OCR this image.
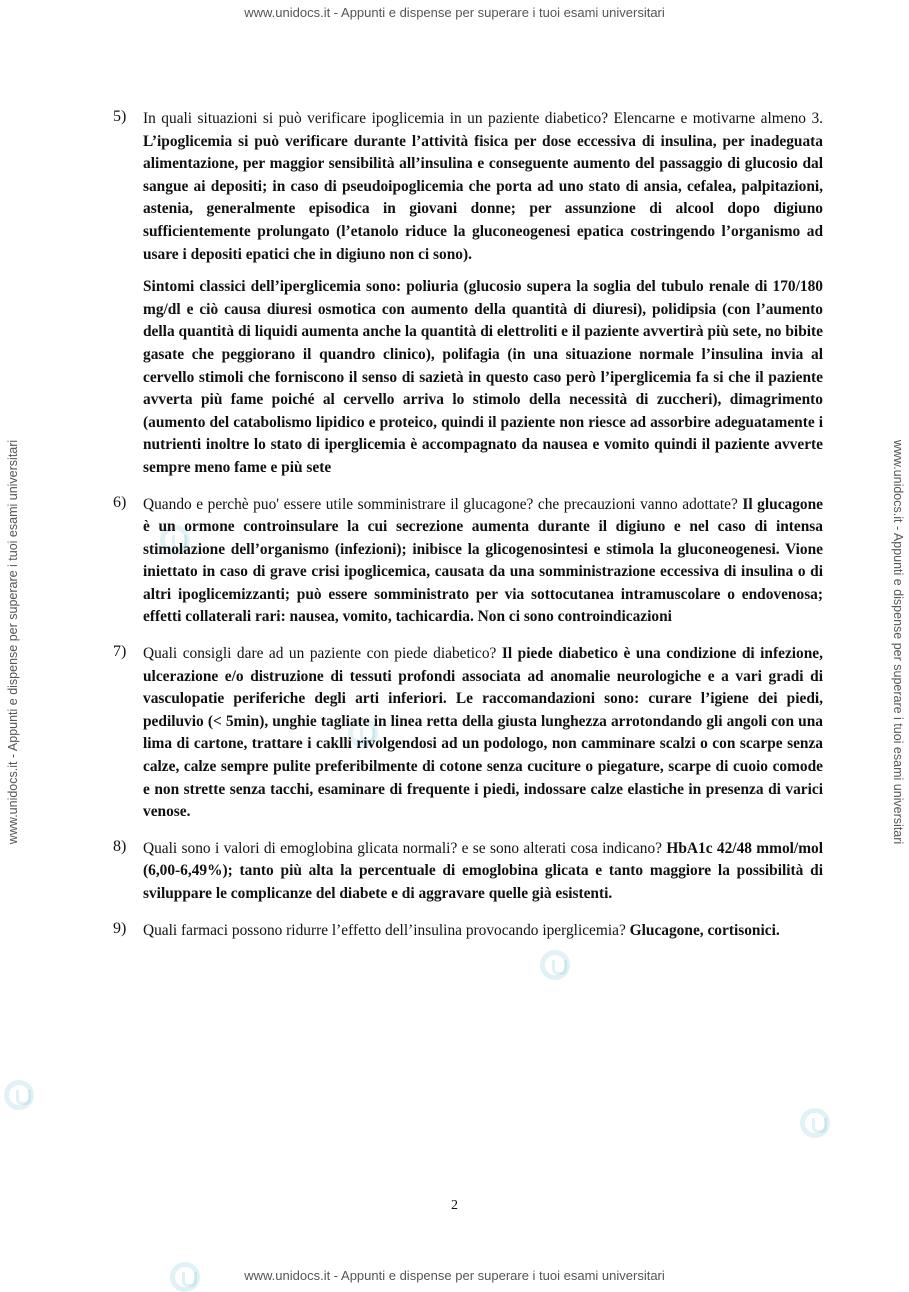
www.unidocs.it - Appunti e dispense per superare i tuoi esami universitari
www.unidocs.it - Appunti e dispense per superare i tuoi esami universitari
www.unidocs.it - Appunti e dispense per superare i tuoi esami universitari	www.unidocs.it - Appunti e dispense per superare i tuoi esami universitari
5) In quali situazioni si può verificare ipoglicemia in un paziente diabetico? Elencarne e motivarne almeno 3. L’ipoglicemia si può verificare durante l’attività fisica per dose eccessiva di insulina, per inadeguata alimentazione, per maggior sensibilità all’insulina e conseguente aumento del passaggio di glucosio dal sangue ai depositi; in caso di pseudoipoglicemia che porta ad uno stato di ansia, cefalea, palpitazioni, astenia, generalmente episodica in giovani donne; per assunzione di alcool dopo digiuno sufficientemente prolungato (l’etanolo riduce la gluconeogenesi epatica costringendo l’organismo ad usare i depositi epatici che in digiuno non ci sono).

Sintomi classici dell’iperglicemia sono: poliuria (glucosio supera la soglia del tubulo renale di 170/180 mg/dl e ciò causa diuresi osmotica con aumento della quantità di diuresi), polidipsia (con l’aumento della quantità di liquidi aumenta anche la quantità di elettroliti e il paziente avvertirà più sete, no bibite gasate che peggiorano il quandro clinico), polifagia (in una situazione normale l’insulina invia al cervello stimoli che forniscono il senso di sazietà in questo caso però l’iperglicemia fa si che il paziente avverta più fame poiché al cervello arriva lo stimolo della necessità di zuccheri), dimagrimento (aumento del catabolismo lipidico e proteico, quindi il paziente non riesce ad assorbire adeguatamente i nutrienti inoltre lo stato di iperglicemia è accompagnato da nausea e vomito quindi il paziente avverte sempre meno fame e più sete

6) Quando e perchè puo' essere utile somministrare il glucagone? che precauzioni vanno adottate? Il glucagone è un ormone controinsulare la cui secrezione aumenta durante il digiuno e nel caso di intensa stimolazione dell’organismo (infezioni); inibisce la glicogenosintesi e stimola la gluconeogenesi. Vione iniettato in caso di grave crisi ipoglicemica, causata da una somministrazione eccessiva di insulina o di altri ipoglicemizzanti; può essere somministrato per via sottocutanea intramuscolare o endovenosa; effetti collaterali rari: nausea, vomito, tachicardia. Non ci sono controindicazioni

7) Quali consigli dare ad un paziente con piede diabetico? Il piede diabetico è una condizione di infezione, ulcerazione e/o distruzione di tessuti profondi associata ad anomalie neurologiche e a vari gradi di vasculopatie periferiche degli arti inferiori. Le raccomandazioni sono: curare l’igiene dei piedi, pediluvio (< 5min), unghie tagliate in linea retta della giusta lunghezza arrotondando gli angoli con una lima di cartone, trattare i caklli rivolgendosi ad un podologo, non camminare scalzi o con scarpe senza calze, calze sempre pulite preferibilmente di cotone senza cuciture o piegature, scarpe di cuoio comode e non strette senza tacchi, esaminare di frequente i piedi, indossare calze elastiche in presenza di varici venose.

8) Quali sono i valori di emoglobina glicata normali? e se sono alterati cosa indicano? HbA1c 42/48 mmol/mol (6,00-6,49%); tanto più alta la percentuale di emoglobina glicata e tanto maggiore la possibilità di sviluppare le complicanze del diabete e di aggravare quelle già esistenti.

9) Quali farmaci possono ridurre l’effetto dell’insulina provocando iperglicemia? Glucagone, cortisonici.

2
